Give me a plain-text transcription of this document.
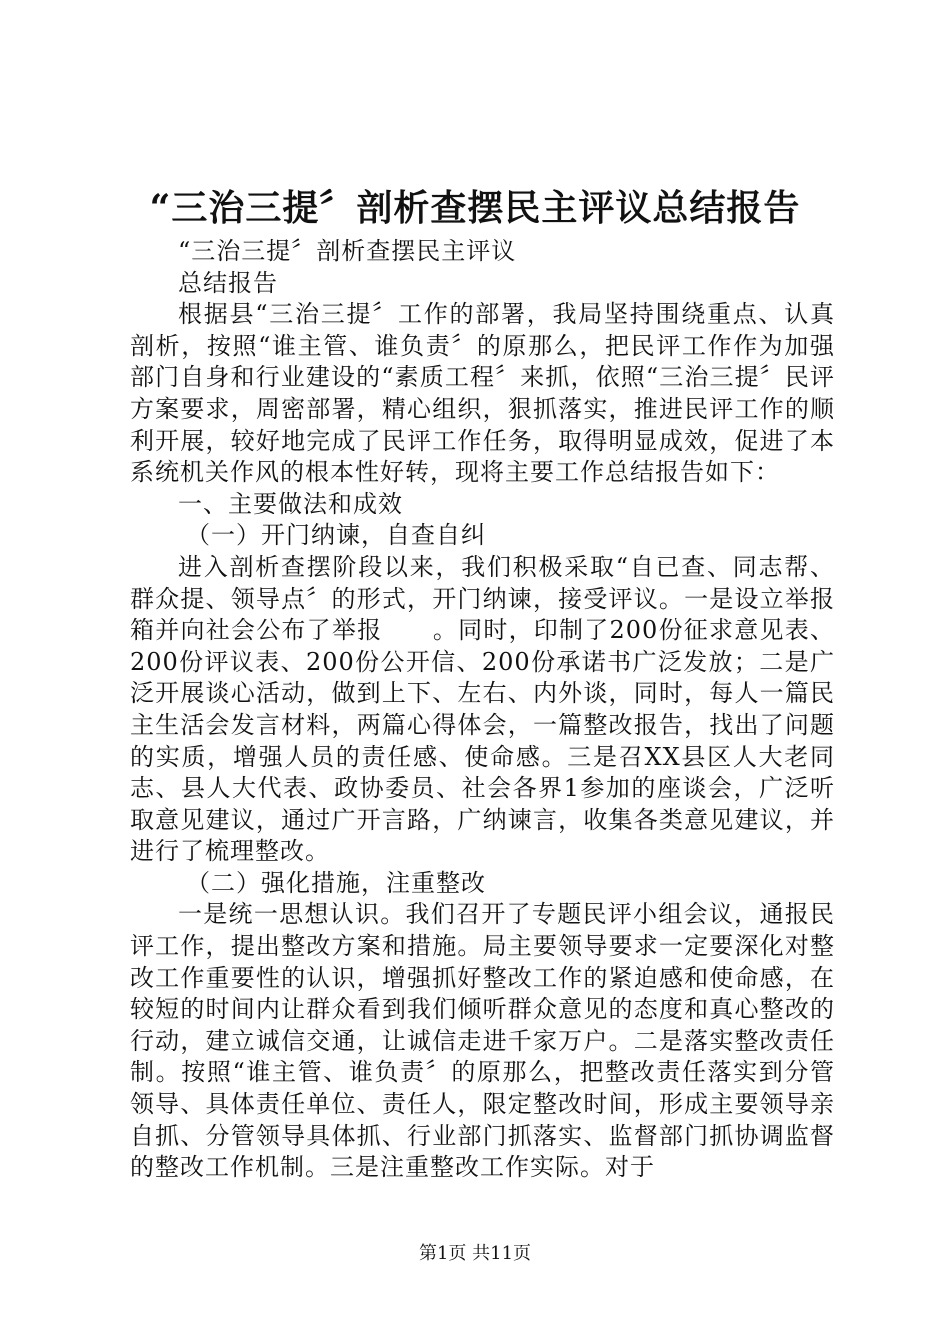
“三治三提〞剖析查摆民主评议总结报告

“三治三提〞剖析查摆民主评议

总结报告

根据县“三治三提〞工作的部署，我局坚持围绕重点、认真剖析，按照“谁主管、谁负责〞的原那么，把民评工作作为加强部门自身和行业建设的“素质工程〞来抓，依照“三治三提〞民评方案要求，周密部署，精心组织，狠抓落实，推进民评工作的顺利开展，较好地完成了民评工作任务，取得明显成效，促进了本系统机关作风的根本性好转，现将主要工作总结报告如下：

一、主要做法和成效

（一）开门纳谏，自查自纠

进入剖析查摆阶段以来，我们积极采取“自已查、同志帮、群众提、领导点〞的形式，开门纳谏，接受评议。一是设立举报箱并向社会公布了举报　　。同时，印制了200份征求意见表、200份评议表、200份公开信、200份承诺书广泛发放；二是广泛开展谈心活动，做到上下、左右、内外谈，同时，每人一篇民主生活会发言材料，两篇心得体会，一篇整改报告，找出了问题的实质，增强人员的责任感、使命感。三是召XX县区人大老同志、县人大代表、政协委员、社会各界1参加的座谈会，广泛听取意见建议，通过广开言路，广纳谏言，收集各类意见建议，并进行了梳理整改。

（二）强化措施，注重整改

一是统一思想认识。我们召开了专题民评小组会议，通报民评工作，提出整改方案和措施。局主要领导要求一定要深化对整改工作重要性的认识，增强抓好整改工作的紧迫感和使命感，在较短的时间内让群众看到我们倾听群众意见的态度和真心整改的行动，建立诚信交通，让诚信走进千家万户。二是落实整改责任制。按照“谁主管、谁负责〞的原那么，把整改责任落实到分管领导、具体责任单位、责任人，限定整改时间，形成主要领导亲自抓、分管领导具体抓、行业部门抓落实、监督部门抓协调监督的整改工作机制。三是注重整改工作实际。对于

第1页 共11页
